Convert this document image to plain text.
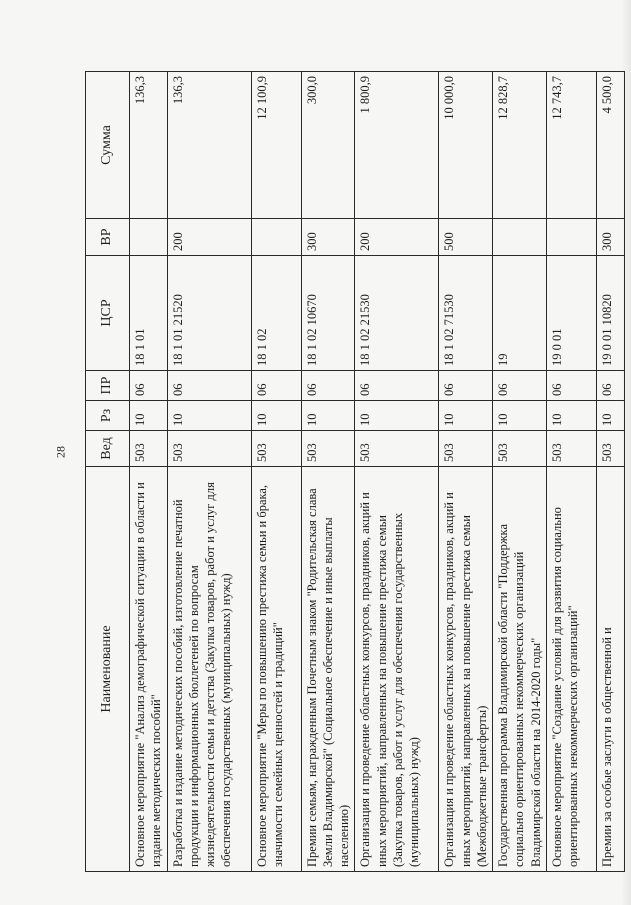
28
Наименование	Вед	Рз	ПР	ЦСР	ВР	Сумма
Основное мероприятие "Анализ демографической ситуации в области и издание методических пособий"	503	10	06	18 1 01		136,3
Разработка и издание методических пособий, изготовление печатной продукции и информационных бюллетеней по вопросам жизнедеятельности семьи и детства (Закупка товаров, работ и услуг для обеспечения государственных (муниципальных) нужд)	503	10	06	18 1 01 21520	200	136,3
Основное мероприятие "Меры по повышению престижа семьи и брака, значимости семейных ценностей и традиций"	503	10	06	18 1 02		12 100,9
Премии семьям, награжденным Почетным знаком "Родительская слава Земли Владимирской" (Социальное обеспечение и иные выплаты населению)	503	10	06	18 1 02 10670	300	300,0
Организация и проведение областных конкурсов, праздников, акций и иных мероприятий, направленных на повышение престижа семьи (Закупка товаров, работ и услуг для обеспечения государственных (муниципальных) нужд)	503	10	06	18 1 02 21530	200	1 800,9
Организация и проведение областных конкурсов, праздников, акций и иных мероприятий, направленных на повышение престижа семьи (Межбюджетные трансферты)	503	10	06	18 1 02 71530	500	10 000,0
Государственная программа Владимирской области "Поддержка социально ориентированных некоммерческих организаций Владимирской области на 2014-2020 годы"	503	10	06	19		12 828,7
Основное мероприятие "Создание условий для развития социально ориентированных некоммерческих организаций"	503	10	06	19 0 01		12 743,7
Премии за особые заслуги в общественной и	503	10	06	19 0 01 10820	300	4 500,0
